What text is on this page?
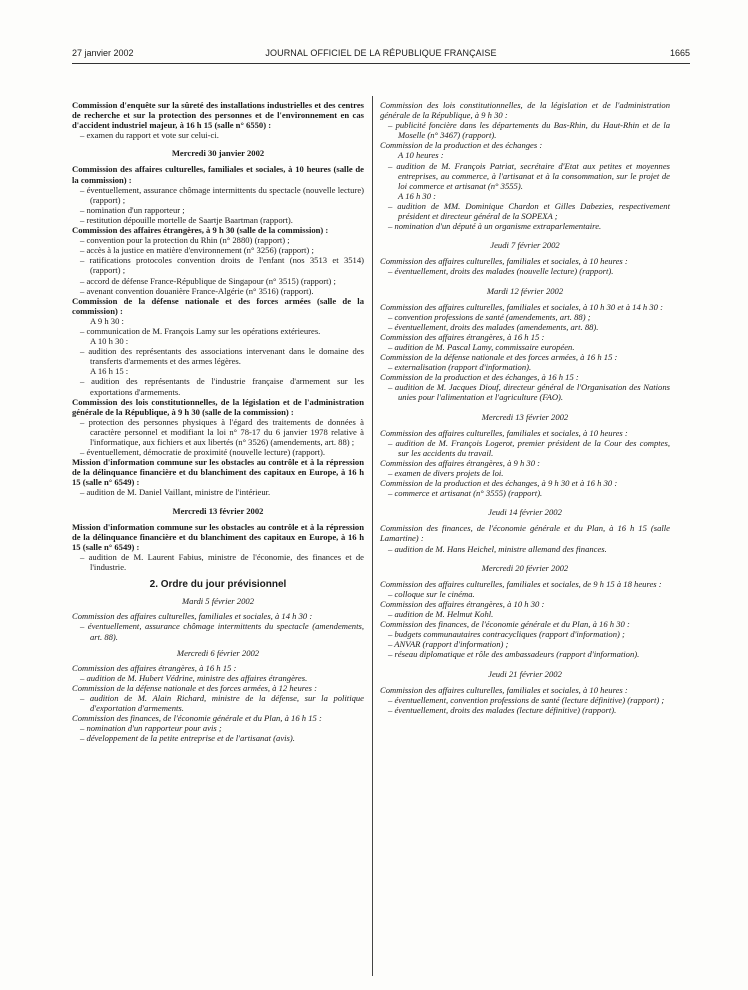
27 janvier 2002	JOURNAL OFFICIEL DE LA RÉPUBLIQUE FRANÇAISE	1665
Commission d'enquête sur la sûreté des installations industrielles et des centres de recherche et sur la protection des personnes et de l'environnement en cas d'accident industriel majeur, à 16 h 15 (salle n° 6550) :
– examen du rapport et vote sur celui-ci.
Mercredi 30 janvier 2002
Commission des affaires culturelles, familiales et sociales, à 10 heures (salle de la commission) :
– éventuellement, assurance chômage intermittents du spectacle (nouvelle lecture) (rapport) ;
– nomination d'un rapporteur ;
– restitution dépouille mortelle de Saartje Baartman (rapport).
Commission des affaires étrangères, à 9 h 30 (salle de la commission) :
– convention pour la protection du Rhin (n° 2880) (rapport) ;
– accès à la justice en matière d'environnement (n° 3256) (rapport) ;
– ratifications protocoles convention droits de l'enfant (nos 3513 et 3514) (rapport) ;
– accord de défense France-République de Singapour (n° 3515) (rapport) ;
– avenant convention douanière France-Algérie (n° 3516) (rapport).
Commission de la défense nationale et des forces armées (salle de la commission) :
A 9 h 30 :
– communication de M. François Lamy sur les opérations extérieures.
A 10 h 30 :
– audition des représentants des associations intervenant dans le domaine des transferts d'armements et des armes légères.
A 16 h 15 :
– audition des représentants de l'industrie française d'armement sur les exportations d'armements.
Commission des lois constitutionnelles, de la législation et de l'administration générale de la République, à 9 h 30 (salle de la commission) :
– protection des personnes physiques à l'égard des traitements de données à caractère personnel et modifiant la loi n° 78-17 du 6 janvier 1978 relative à l'informatique, aux fichiers et aux libertés (n° 3526) (amendements, art. 88) ;
– éventuellement, démocratie de proximité (nouvelle lecture) (rapport).
Mission d'information commune sur les obstacles au contrôle et à la répression de la délinquance financière et du blanchiment des capitaux en Europe, à 16 h 15 (salle n° 6549) :
– audition de M. Daniel Vaillant, ministre de l'intérieur.
Mercredi 13 février 2002
Mission d'information commune sur les obstacles au contrôle et à la répression de la délinquance financière et du blanchiment des capitaux en Europe, à 16 h 15 (salle n° 6549) :
– audition de M. Laurent Fabius, ministre de l'économie, des finances et de l'industrie.
2. Ordre du jour prévisionnel
Mardi 5 février 2002
Commission des affaires culturelles, familiales et sociales, à 14 h 30 :
– éventuellement, assurance chômage intermittents du spectacle (amendements, art. 88).
Mercredi 6 février 2002
Commission des affaires étrangères, à 16 h 15 :
– audition de M. Hubert Védrine, ministre des affaires étrangères.
Commission de la défense nationale et des forces armées, à 12 heures :
– audition de M. Alain Richard, ministre de la défense, sur la politique d'exportation d'armements.
Commission des finances, de l'économie générale et du Plan, à 16 h 15 :
– nomination d'un rapporteur pour avis ;
– développement de la petite entreprise et de l'artisanat (avis).
Commission des lois constitutionnelles, de la législation et de l'administration générale de la République, à 9 h 30 :
– publicité foncière dans les départements du Bas-Rhin, du Haut-Rhin et de la Moselle (n° 3467) (rapport).
Commission de la production et des échanges :
A 10 heures :
– audition de M. François Patriat, secrétaire d'Etat aux petites et moyennes entreprises, au commerce, à l'artisanat et à la consommation, sur le projet de loi commerce et artisanat (n° 3555).
A 16 h 30 :
– audition de MM. Dominique Chardon et Gilles Dabezies, respectivement président et directeur général de la SOPEXA ;
– nomination d'un député à un organisme extraparlementaire.
Jeudi 7 février 2002
Commission des affaires culturelles, familiales et sociales, à 10 heures :
– éventuellement, droits des malades (nouvelle lecture) (rapport).
Mardi 12 février 2002
Commission des affaires culturelles, familiales et sociales, à 10 h 30 et à 14 h 30 :
– convention professions de santé (amendements, art. 88) ;
– éventuellement, droits des malades (amendements, art. 88).
Commission des affaires étrangères, à 16 h 15 :
– audition de M. Pascal Lamy, commissaire européen.
Commission de la défense nationale et des forces armées, à 16 h 15 :
– externalisation (rapport d'information).
Commission de la production et des échanges, à 16 h 15 :
– audition de M. Jacques Diouf, directeur général de l'Organisation des Nations unies pour l'alimentation et l'agriculture (FAO).
Mercredi 13 février 2002
Commission des affaires culturelles, familiales et sociales, à 10 heures :
– audition de M. François Logerot, premier président de la Cour des comptes, sur les accidents du travail.
Commission des affaires étrangères, à 9 h 30 :
– examen de divers projets de loi.
Commission de la production et des échanges, à 9 h 30 et à 16 h 30 :
– commerce et artisanat (n° 3555) (rapport).
Jeudi 14 février 2002
Commission des finances, de l'économie générale et du Plan, à 16 h 15 (salle Lamartine) :
– audition de M. Hans Heichel, ministre allemand des finances.
Mercredi 20 février 2002
Commission des affaires culturelles, familiales et sociales, de 9 h 15 à 18 heures :
– colloque sur le cinéma.
Commission des affaires étrangères, à 10 h 30 :
– audition de M. Helmut Kohl.
Commission des finances, de l'économie générale et du Plan, à 16 h 30 :
– budgets communautaires contracycliques (rapport d'information) ;
– ANVAR (rapport d'information) ;
– réseau diplomatique et rôle des ambassadeurs (rapport d'information).
Jeudi 21 février 2002
Commission des affaires culturelles, familiales et sociales, à 10 heures :
– éventuellement, convention professions de santé (lecture définitive) (rapport) ;
– éventuellement, droits des malades (lecture définitive) (rapport).
